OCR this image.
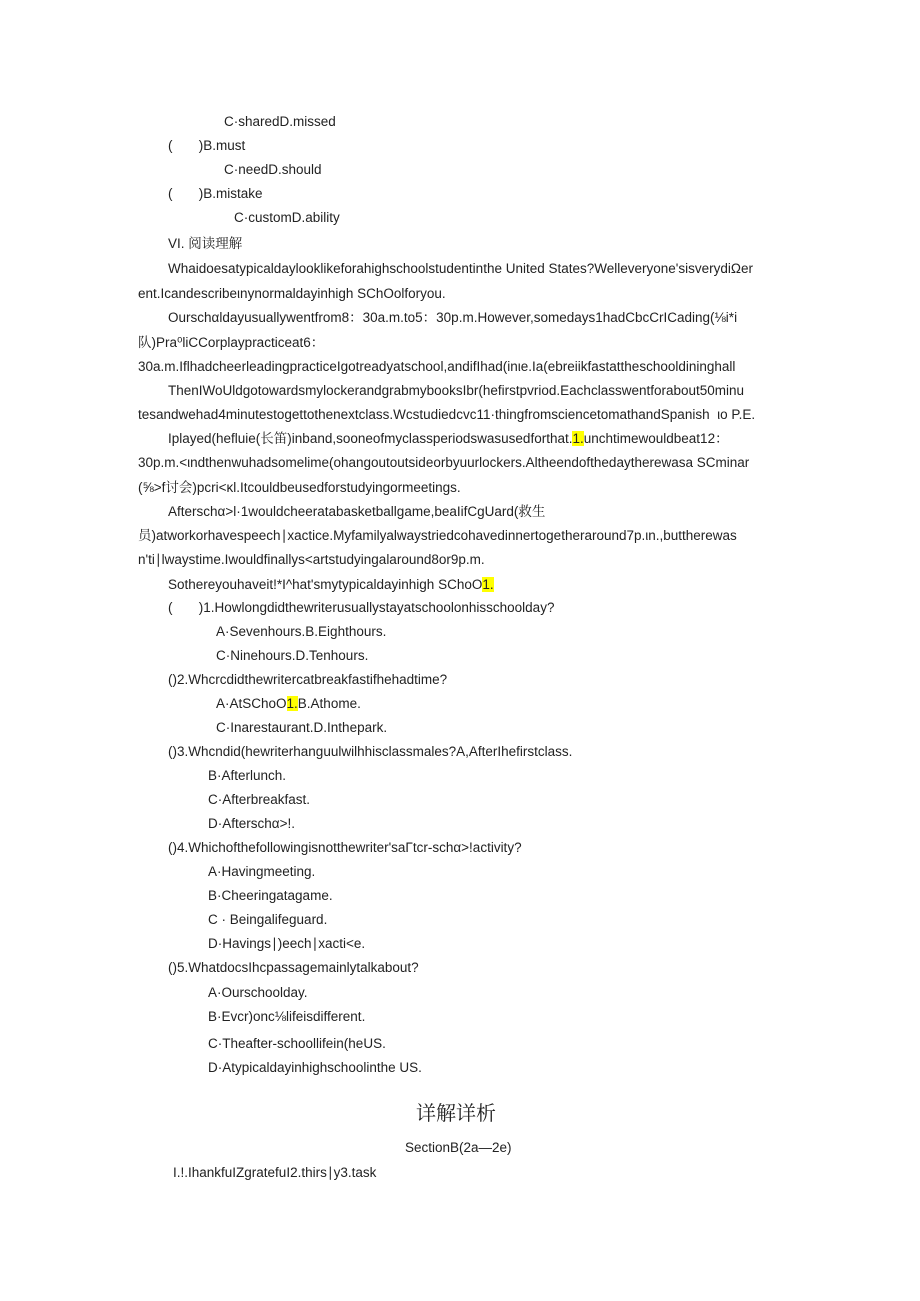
C·sharedD.missed
(       )B.must
C·needD.should
(       )B.mistake
C·customD.ability
VI. 阅读理解
Whaidoesatypicaldaylooklikeforahighschoolstudentinthe United States?Welleveryone'sisverydiΩer
ent.Icandescribeιnynormaldayinhigh SChOolforyou.
Ourschαldayusuallywentfrom8：30a.m.to5：30p.m.However,somedays1hadCbcCrICading(⅛i*i
队)Pra⁰liCCorplaypracticeat6：
30a.m.IflhadcheerleadingpracticeIgotreadyatschool,andifIhad(inιe.Ia(ebreiikfastattheschooldininghall
ThenIWoUldgotowardsmylockerandgrabmybooksIbr(hefirstpvriod.Eachclasswentforabout50minu
tesandwehad4minutestogettothenextclass.Wcstudiedcvc11·thingfromsciencetomathandSpanish  ιo P.E.
Iplayed(hefluie(长笛)inband,sooneofmyclassperiodswasusedforthat.1.unchtimewouldbeat12：
30p.m.<ιndthenwuhadsomelime(ohangoutoutsideorbyuurlockers.Altheendofthedaytherewasa SCminar
(⅝>f讨会)pcri<κl.Itcouldbeusedforstudyingormeetings.
Afterschα>l·1wouldcheeratabasketballgame,beaIifCgUard(救生
员)atworkorhavespeech∣xactice.Myfamilyalwaystriedcohavedinnertogetheraround7p.ιn.,buttherewas
n'ti∣lwaystime.Iwouldfinallys<artstudyingalaround8or9p.m.
Sothereyouhaveit!*I^hat'smytypicaldayinhigh SChoO1.
(       )1.Howlongdidthewriterusuallystayatschoolonhisschoolday?
A·Sevenhours.B.Eighthours.
C·Ninehours.D.Tenhours.
()2.Whcrcdidthewritercatbreakfastifhehadtime?
A·AtSChoO1.B.Athome.
C·Inarestaurant.D.Inthepark.
()3.Whcndid(hewriterhanguulwilhhisclassmales?A,AfterIhefirstclass.
B·Afterlunch.
C·Afterbreakfast.
D·Afterschα>!.
()4.Whichofthefollowingisnotthewriter'saΓtcr-schα>!activity?
A·Havingmeeting.
B·Cheeringatagame.
C · Beingalifeguard.
D·Havings∣)eech∣xacti<e.
()5.WhatdocsIhcpassagemainlytalkabout?
A·Ourschoolday.
B·Evcr)onc⅛lifeisdifferent.
C·Theafter-schoollifein(heUS.
D·Atypicaldayinhighschoolinthe US.
详解详析
SectionB(2a—2e)
I.!.IhankfuIZgratefuI2.thirs∣y3.task
